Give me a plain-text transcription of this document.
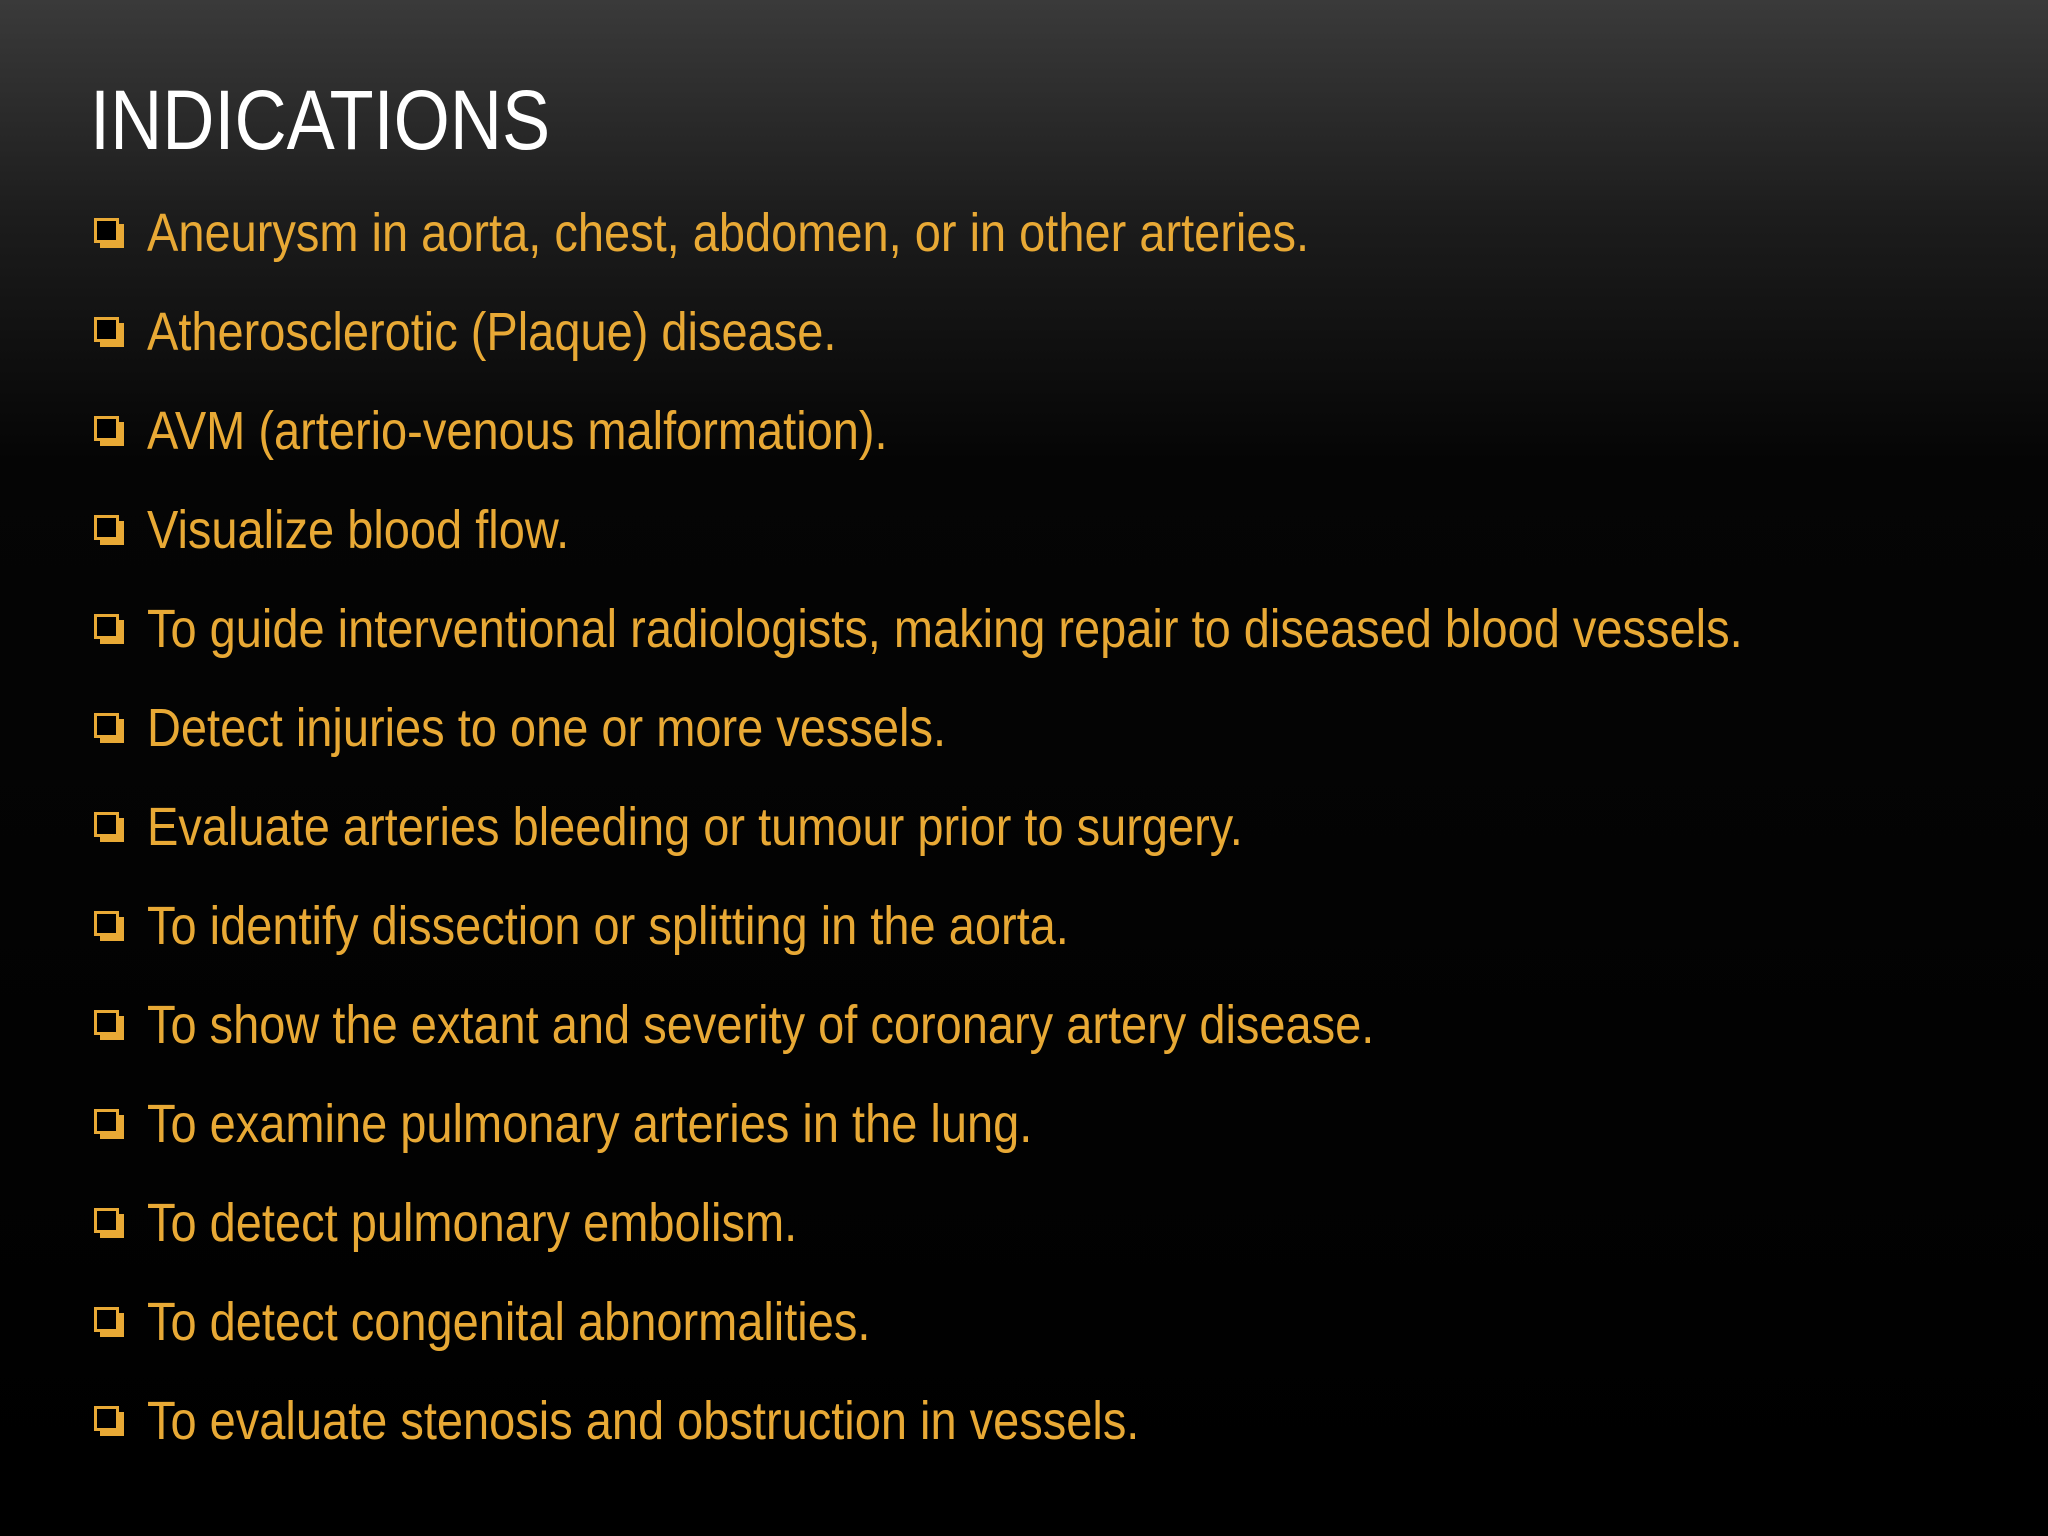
INDICATIONS
Aneurysm in aorta, chest, abdomen, or in other arteries.
Atherosclerotic (Plaque) disease.
AVM (arterio-venous malformation).
Visualize blood flow.
To guide interventional radiologists, making repair to diseased blood vessels.
Detect injuries to one or more vessels.
Evaluate arteries bleeding or tumour prior to surgery.
To identify dissection or splitting in the aorta.
To show the extant and severity of coronary artery disease.
To examine pulmonary arteries in the lung.
To detect pulmonary embolism.
To detect congenital abnormalities.
To evaluate stenosis and obstruction in vessels.
